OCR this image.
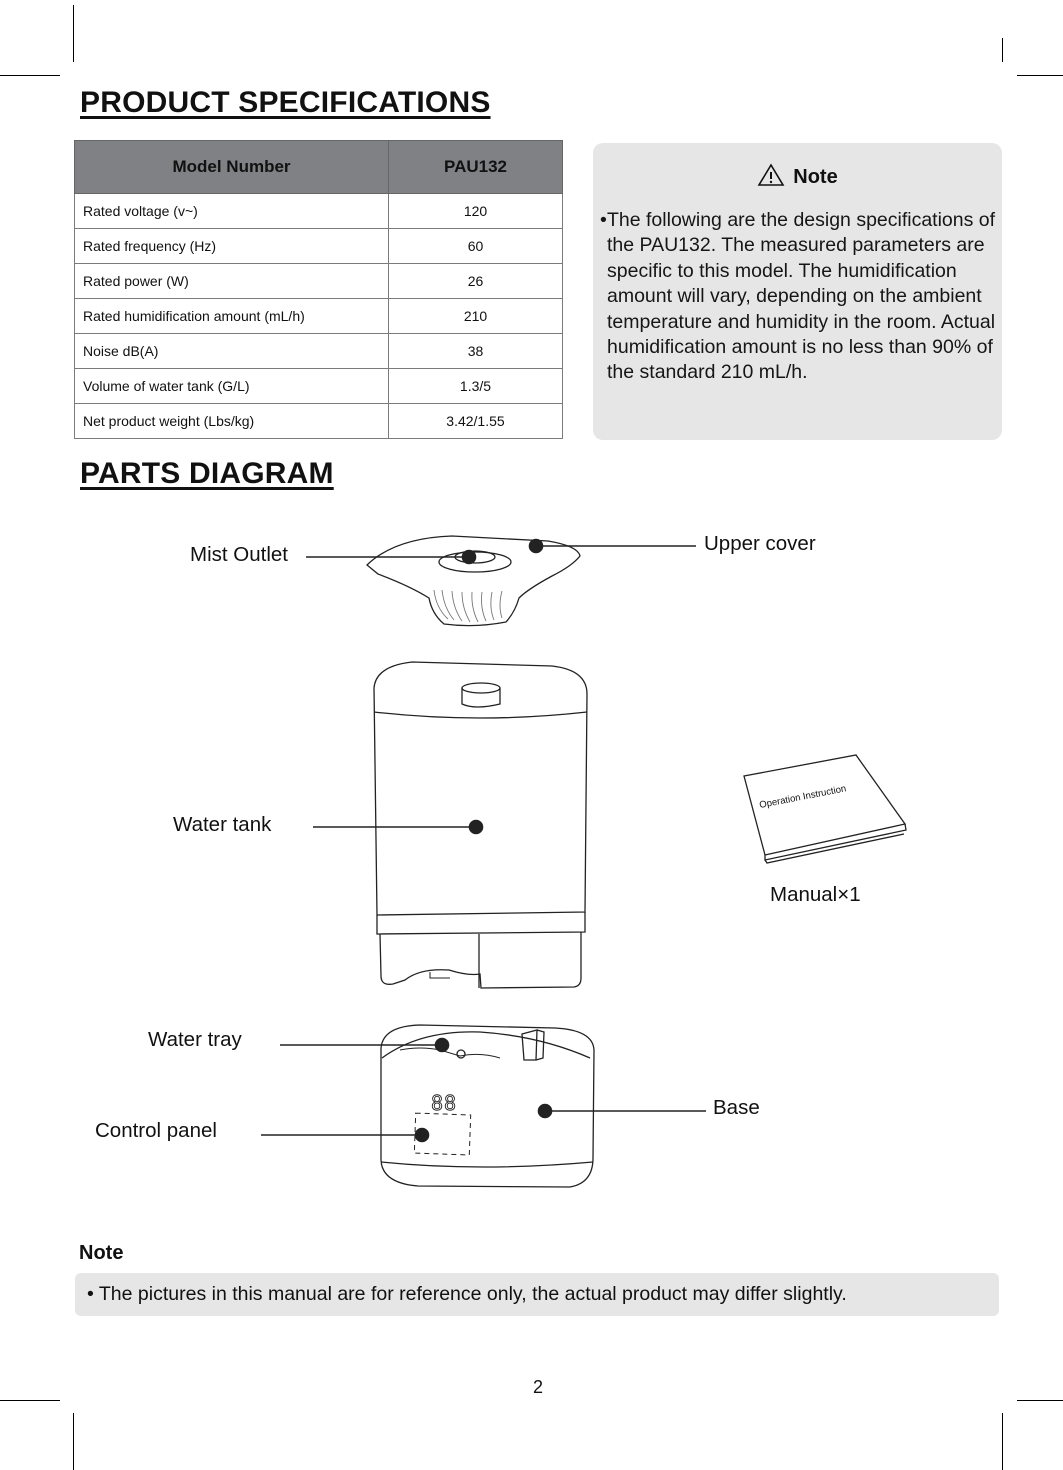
PRODUCT SPECIFICATIONS
Model Number	PAU132
Rated voltage (v~)	120
Rated frequency (Hz)	60
Rated power (W)	26
Rated humidification amount (mL/h)	210
Noise dB(A)	38
Volume of water tank (G/L)	1.3/5
Net product weight (Lbs/kg)	3.42/1.55
Note
• The following are the design specifications of the PAU132. The measured parameters are specific to this model. The humidification amount will vary, depending on the ambient temperature and humidity in the room. Actual humidification amount is no less than 90% of the standard 210 mL/h.
PARTS DIAGRAM
Operation Instruction
88
Mist Outlet	Upper cover
Water tank
Manual×1
Water tray
Base
Control panel
Note
• The pictures in this manual are for reference only, the actual product may differ slightly.
2
